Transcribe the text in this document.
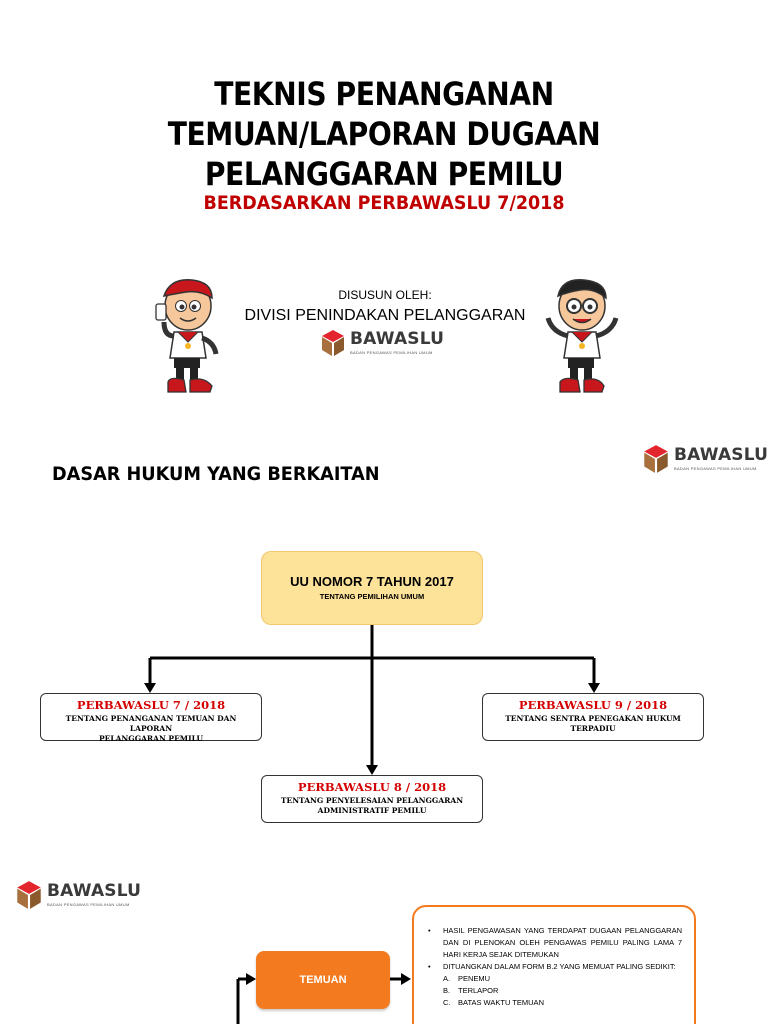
TEKNIS PENANGANAN
TEMUAN/LAPORAN DUGAAN
PELANGGARAN PEMILU
BERDASARKAN PERBAWASLU 7/2018
DISUSUN OLEH:
DIVISI PENINDAKAN PELANGGARAN
BAWASLU
BADAN PENGAWAS PEMILIHAN UMUM
BAWASLU
BADAN PENGAWAS PEMILIHAN UMUM
DASAR HUKUM YANG BERKAITAN
UU NOMOR 7 TAHUN 2017
TENTANG PEMILIHAN UMUM
PERBAWASLU 7 / 2018
TENTANG PENANGANAN TEMUAN DAN LAPORAN
PELANGGARAN PEMILU
PERBAWASLU 9 / 2018
TENTANG SENTRA PENEGAKAN HUKUM
TERPADIU
PERBAWASLU 8 / 2018
TENTANG PENYELESAIAN PELANGGARAN
ADMINISTRATIF PEMILU
BAWASLU
BADAN PENGAWAS PEMILIHAN UMUM
TEMUAN
• HASIL PENGAWASAN YANG TERDAPAT DUGAAN PELANGGARAN DAN DI PLENOKAN OLEH PENGAWAS PEMILU PALING LAMA 7 HARI KERJA SEJAK DITEMUKAN
• DITUANGKAN DALAM FORM B.2 YANG MEMUAT PALING SEDIKIT:
A. PENEMU
B. TERLAPOR
C. BATAS WAKTU TEMUAN
